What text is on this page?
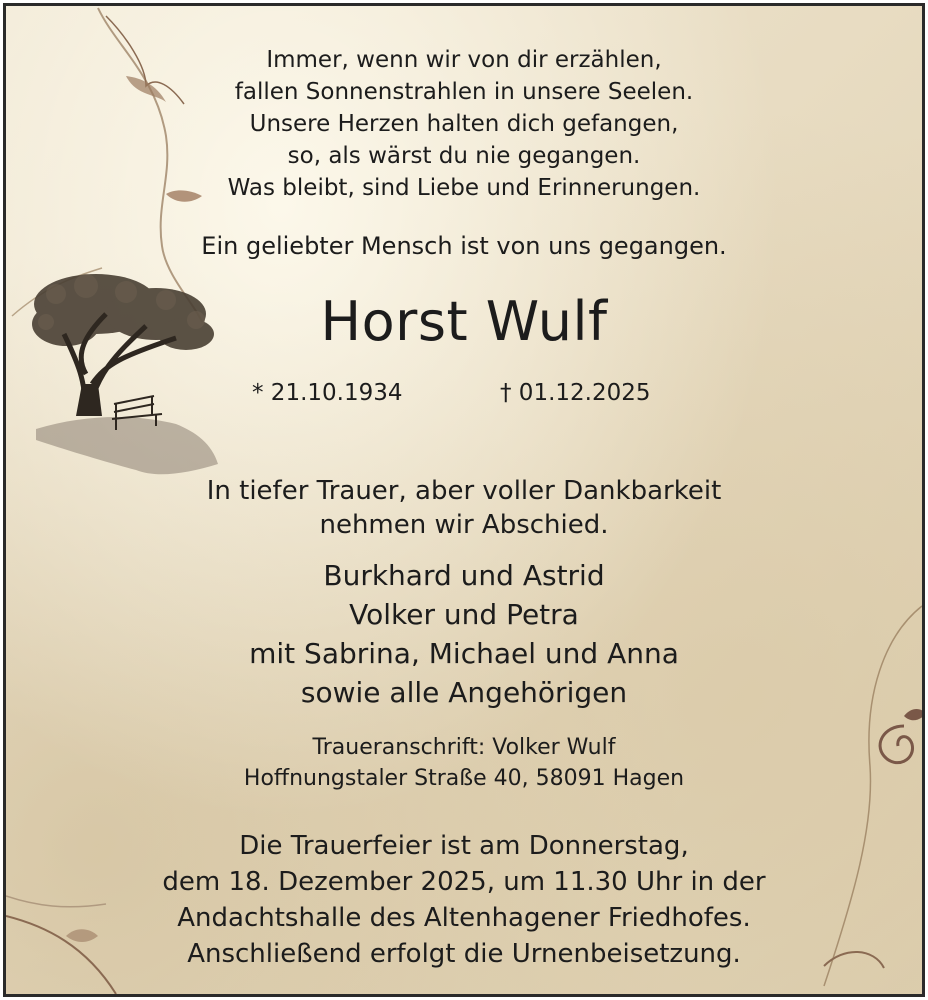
Immer, wenn wir von dir erzählen,
fallen Sonnenstrahlen in unsere Seelen.
Unsere Herzen halten dich gefangen,
so, als wärst du nie gegangen.
Was bleibt, sind Liebe und Erinnerungen.
Ein geliebter Mensch ist von uns gegangen.
Horst Wulf
* 21.10.1934	† 01.12.2025
In tiefer Trauer, aber voller Dankbarkeit
nehmen wir Abschied.
Burkhard und Astrid
Volker und Petra
mit Sabrina, Michael und Anna
sowie alle Angehörigen
Traueranschrift: Volker Wulf
Hoffnungstaler Straße 40, 58091 Hagen
Die Trauerfeier ist am Donnerstag,
dem 18. Dezember 2025, um 11.30 Uhr in der
Andachtshalle des Altenhagener Friedhofes.
Anschließend erfolgt die Urnenbeisetzung.
